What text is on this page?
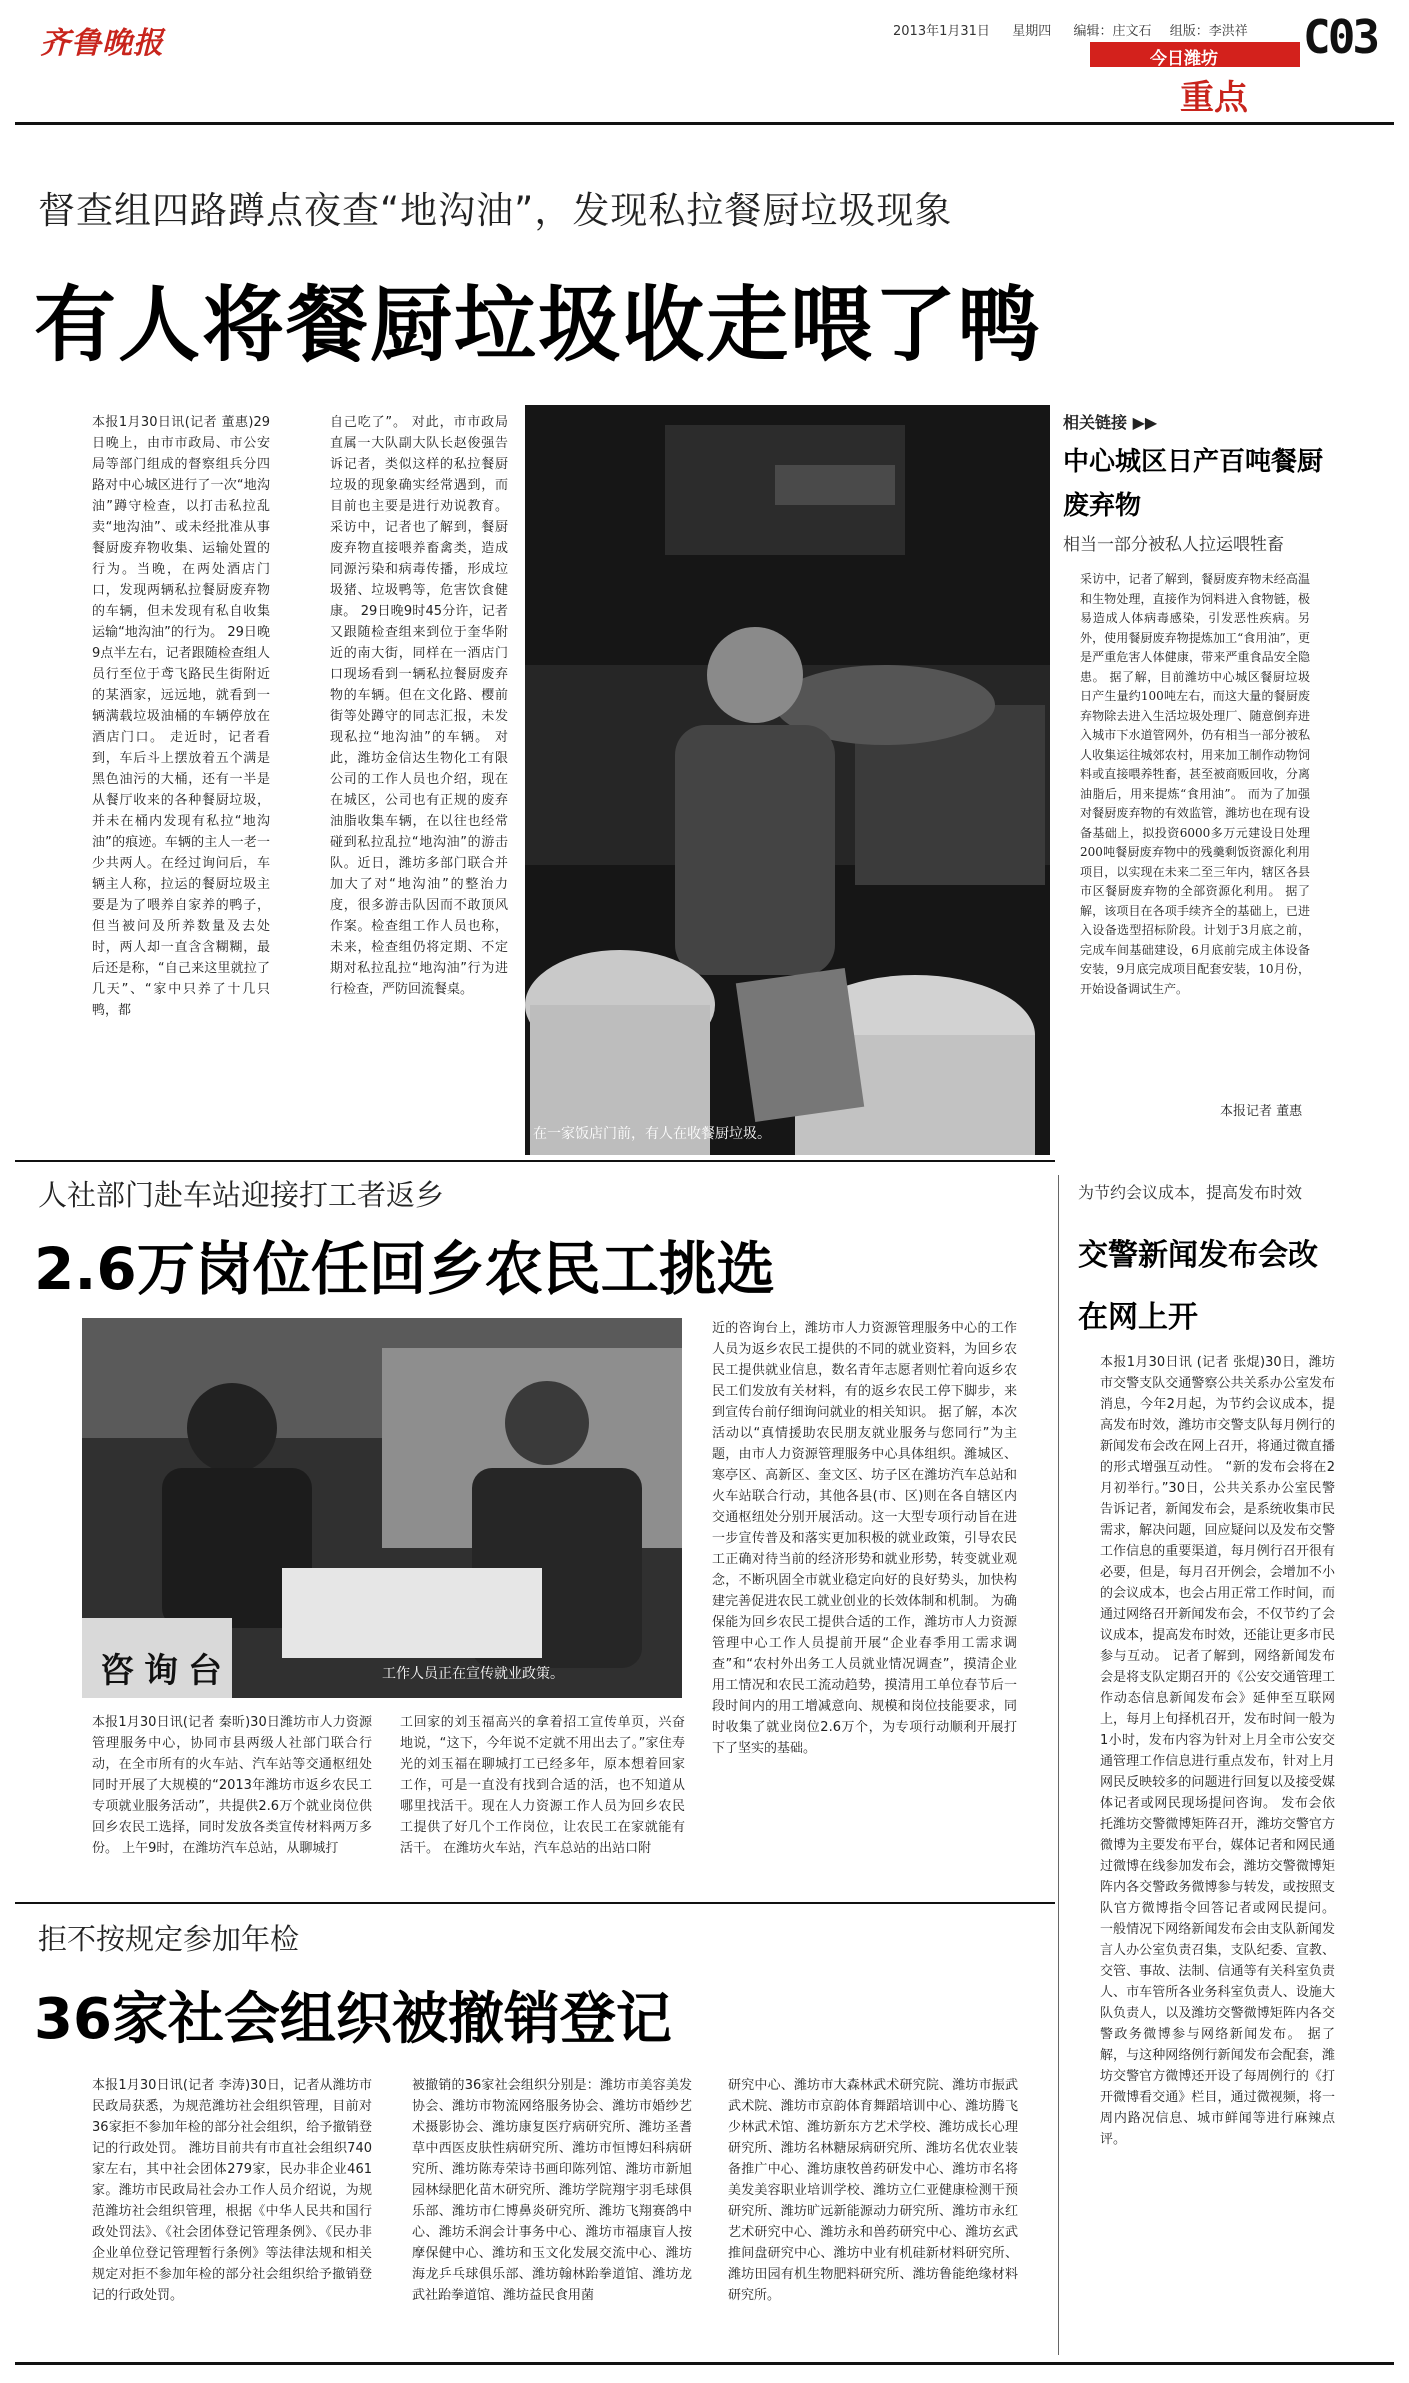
齐鲁晚报	2013年1月31日 星期四 编辑：庄文石 组版：李洪祥
今日潍坊
重点
C03
督查组四路蹲点夜查“地沟油”，发现私拉餐厨垃圾现象
有人将餐厨垃圾收走喂了鸭
本报1月30日讯(记者 董惠)29日晚上，由市市政局、市公安局等部门组成的督察组兵分四路对中心城区进行了一次“地沟油”蹲守检查，以打击私拉乱卖“地沟油”、或未经批准从事餐厨废弃物收集、运输处置的行为。当晚，在两处酒店门口，发现两辆私拉餐厨废弃物的车辆，但未发现有私自收集运输“地沟油”的行为。 29日晚9点半左右，记者跟随检查组人员行至位于鸢飞路民生街附近的某酒家，远远地，就看到一辆满载垃圾油桶的车辆停放在酒店门口。 走近时，记者看到，车后斗上摆放着五个满是黑色油污的大桶，还有一半是从餐厅收来的各种餐厨垃圾，并未在桶内发现有私拉“地沟油”的痕迹。车辆的主人一老一少共两人。在经过询问后，车辆主人称，拉运的餐厨垃圾主要是为了喂养自家养的鸭子，但当被问及所养数量及去处时，两人却一直含含糊糊，最后还是称，“自己来这里就拉了几天”、“家中只养了十几只鸭，都
自己吃了”。 对此，市市政局直属一大队副大队长赵俊强告诉记者，类似这样的私拉餐厨垃圾的现象确实经常遇到，而目前也主要是进行劝说教育。采访中，记者也了解到，餐厨废弃物直接喂养畜禽类，造成同源污染和病毒传播，形成垃圾猪、垃圾鸭等，危害饮食健康。 29日晚9时45分许，记者又跟随检查组来到位于奎华附近的南大街，同样在一酒店门口现场看到一辆私拉餐厨废弃物的车辆。但在文化路、樱前街等处蹲守的同志汇报，未发现私拉“地沟油”的车辆。 对此，潍坊金信达生物化工有限公司的工作人员也介绍，现在在城区，公司也有正规的废弃油脂收集车辆，在以往也经常碰到私拉乱拉“地沟油”的游击队。近日，潍坊多部门联合并加大了对“地沟油”的整治力度，很多游击队因而不敢顶风作案。检查组工作人员也称，未来，检查组仍将定期、不定期对私拉乱拉“地沟油”行为进行检查，严防回流餐桌。
在一家饭店门前，有人在收餐厨垃圾。
相关链接 ▶▶
中心城区日产百吨餐厨废弃物
相当一部分被私人拉运喂牲畜
采访中，记者了解到，餐厨废弃物未经高温和生物处理，直接作为饲料进入食物链，极易造成人体病毒感染，引发恶性疾病。另外，使用餐厨废弃物提炼加工“食用油”，更是严重危害人体健康，带来严重食品安全隐患。 据了解，目前潍坊中心城区餐厨垃圾日产生量约100吨左右，而这大量的餐厨废弃物除去进入生活垃圾处理厂、随意倒弃进入城市下水道管网外，仍有相当一部分被私人收集运往城郊农村，用来加工制作动物饲料或直接喂养牲畜，甚至被商贩回收，分离油脂后，用来提炼“食用油”。 而为了加强对餐厨废弃物的有效监管，潍坊也在现有设备基础上，拟投资6000多万元建设日处理200吨餐厨废弃物中的残羹剩饭资源化利用项目，以实现在未来二至三年内，辖区各县市区餐厨废弃物的全部资源化利用。 据了解，该项目在各项手续齐全的基础上，已进入设备选型招标阶段。计划于3月底之前，完成车间基础建设，6月底前完成主体设备安装，9月底完成项目配套安装，10月份，开始设备调试生产。
本报记者 董惠
人社部门赴车站迎接打工者返乡
2.6万岗位任回乡农民工挑选
咨询台	工作人员正在宣传就业政策。
本报1月30日讯(记者 秦昕)30日潍坊市人力资源管理服务中心，协同市县两级人社部门联合行动，在全市所有的火车站、汽车站等交通枢纽处同时开展了大规模的“2013年潍坊市返乡农民工专项就业服务活动”，共提供2.6万个就业岗位供回乡农民工选择，同时发放各类宣传材料两万多份。 上午9时，在潍坊汽车总站，从聊城打
工回家的刘玉福高兴的拿着招工宣传单页，兴奋地说，“这下，今年说不定就不用出去了。”家住寿光的刘玉福在聊城打工已经多年，原本想着回家工作，可是一直没有找到合适的活，也不知道从哪里找活干。现在人力资源工作人员为回乡农民工提供了好几个工作岗位，让农民工在家就能有活干。 在潍坊火车站，汽车总站的出站口附
近的咨询台上，潍坊市人力资源管理服务中心的工作人员为返乡农民工提供的不同的就业资料，为回乡农民工提供就业信息，数名青年志愿者则忙着向返乡农民工们发放有关材料，有的返乡农民工停下脚步，来到宣传台前仔细询问就业的相关知识。 据了解，本次活动以“真情援助农民朋友就业服务与您同行”为主题，由市人力资源管理服务中心具体组织。潍城区、寒亭区、高新区、奎文区、坊子区在潍坊汽车总站和火车站联合行动，其他各县(市、区)则在各自辖区内交通枢纽处分别开展活动。这一大型专项行动旨在进一步宣传普及和落实更加积极的就业政策，引导农民工正确对待当前的经济形势和就业形势，转变就业观念，不断巩固全市就业稳定向好的良好势头，加快构建完善促进农民工就业创业的长效体制和机制。 为确保能为回乡农民工提供合适的工作，潍坊市人力资源管理中心工作人员提前开展“企业春季用工需求调查”和“农村外出务工人员就业情况调查”，摸清企业用工情况和农民工流动趋势，摸清用工单位春节后一段时间内的用工增减意向、规模和岗位技能要求，同时收集了就业岗位2.6万个，为专项行动顺利开展打下了坚实的基础。
为节约会议成本，提高发布时效
交警新闻发布会改在网上开
本报1月30日讯 (记者 张焜)30日，潍坊市交警支队交通警察公共关系办公室发布消息，今年2月起，为节约会议成本，提高发布时效，潍坊市交警支队每月例行的新闻发布会改在网上召开，将通过微直播的形式增强互动性。 “新的发布会将在2月初举行。”30日，公共关系办公室民警告诉记者，新闻发布会，是系统收集市民需求，解决问题，回应疑问以及发布交警工作信息的重要渠道，每月例行召开很有必要，但是，每月召开例会，会增加不小的会议成本，也会占用正常工作时间，而通过网络召开新闻发布会，不仅节约了会议成本，提高发布时效，还能让更多市民参与互动。 记者了解到，网络新闻发布会是将支队定期召开的《公安交通管理工作动态信息新闻发布会》延伸至互联网上，每月上旬择机召开，发布时间一般为1小时，发布内容为针对上月全市公安交通管理工作信息进行重点发布，针对上月网民反映较多的问题进行回复以及接受媒体记者或网民现场提问咨询。 发布会依托潍坊交警微博矩阵召开，潍坊交警官方微博为主要发布平台，媒体记者和网民通过微博在线参加发布会，潍坊交警微博矩阵内各交警政务微博参与转发，或按照支队官方微博指令回答记者或网民提问。 一般情况下网络新闻发布会由支队新闻发言人办公室负责召集，支队纪委、宣教、交管、事故、法制、信通等有关科室负责人、市车管所各业务科室负责人、设施大队负责人，以及潍坊交警微博矩阵内各交警政务微博参与网络新闻发布。 据了解，与这种网络例行新闻发布会配套，潍坊交警官方微博还开设了每周例行的《打开微博看交通》栏目，通过微视频，将一周内路况信息、城市鲜闻等进行麻辣点评。
拒不按规定参加年检
36家社会组织被撤销登记
本报1月30日讯(记者 李涛)30日，记者从潍坊市民政局获悉，为规范潍坊社会组织管理，目前对36家拒不参加年检的部分社会组织，给予撤销登记的行政处罚。 潍坊目前共有市直社会组织740家左右，其中社会团体279家，民办非企业461家。潍坊市民政局社会办工作人员介绍说，为规范潍坊社会组织管理，根据《中华人民共和国行政处罚法》、《社会团体登记管理条例》、《民办非企业单位登记管理暂行条例》等法律法规和相关规定对拒不参加年检的部分社会组织给予撤销登记的行政处罚。
被撤销的36家社会组织分别是：潍坊市美容美发协会、潍坊市物流网络服务协会、潍坊市婚纱艺术摄影协会、潍坊康复医疗病研究所、潍坊圣耆草中西医皮肤性病研究所、潍坊市恒博妇科病研究所、潍坊陈寿荣诗书画印陈列馆、潍坊市新旭园林绿肥化苗木研究所、潍坊学院翔宇羽毛球俱乐部、潍坊市仁博鼻炎研究所、潍坊飞翔赛鸽中心、潍坊禾润会计事务中心、潍坊市福康盲人按摩保健中心、潍坊和玉文化发展交流中心、潍坊海龙乒乓球俱乐部、潍坊翰林跆拳道馆、潍坊龙武社跆拳道馆、潍坊益民食用菌
研究中心、潍坊市大森林武术研究院、潍坊市振武武术院、潍坊市京韵体育舞蹈培训中心、潍坊腾飞少林武术馆、潍坊新东方艺术学校、潍坊成长心理研究所、潍坊名林糖尿病研究所、潍坊名优农业装备推广中心、潍坊康牧兽药研发中心、潍坊市名将美发美容职业培训学校、潍坊立仁亚健康检测干预研究所、潍坊旷远新能源动力研究所、潍坊市永红艺术研究中心、潍坊永和兽药研究中心、潍坊玄武推间盘研究中心、潍坊中业有机硅新材料研究所、潍坊田园有机生物肥料研究所、潍坊鲁能绝缘材料研究所。
